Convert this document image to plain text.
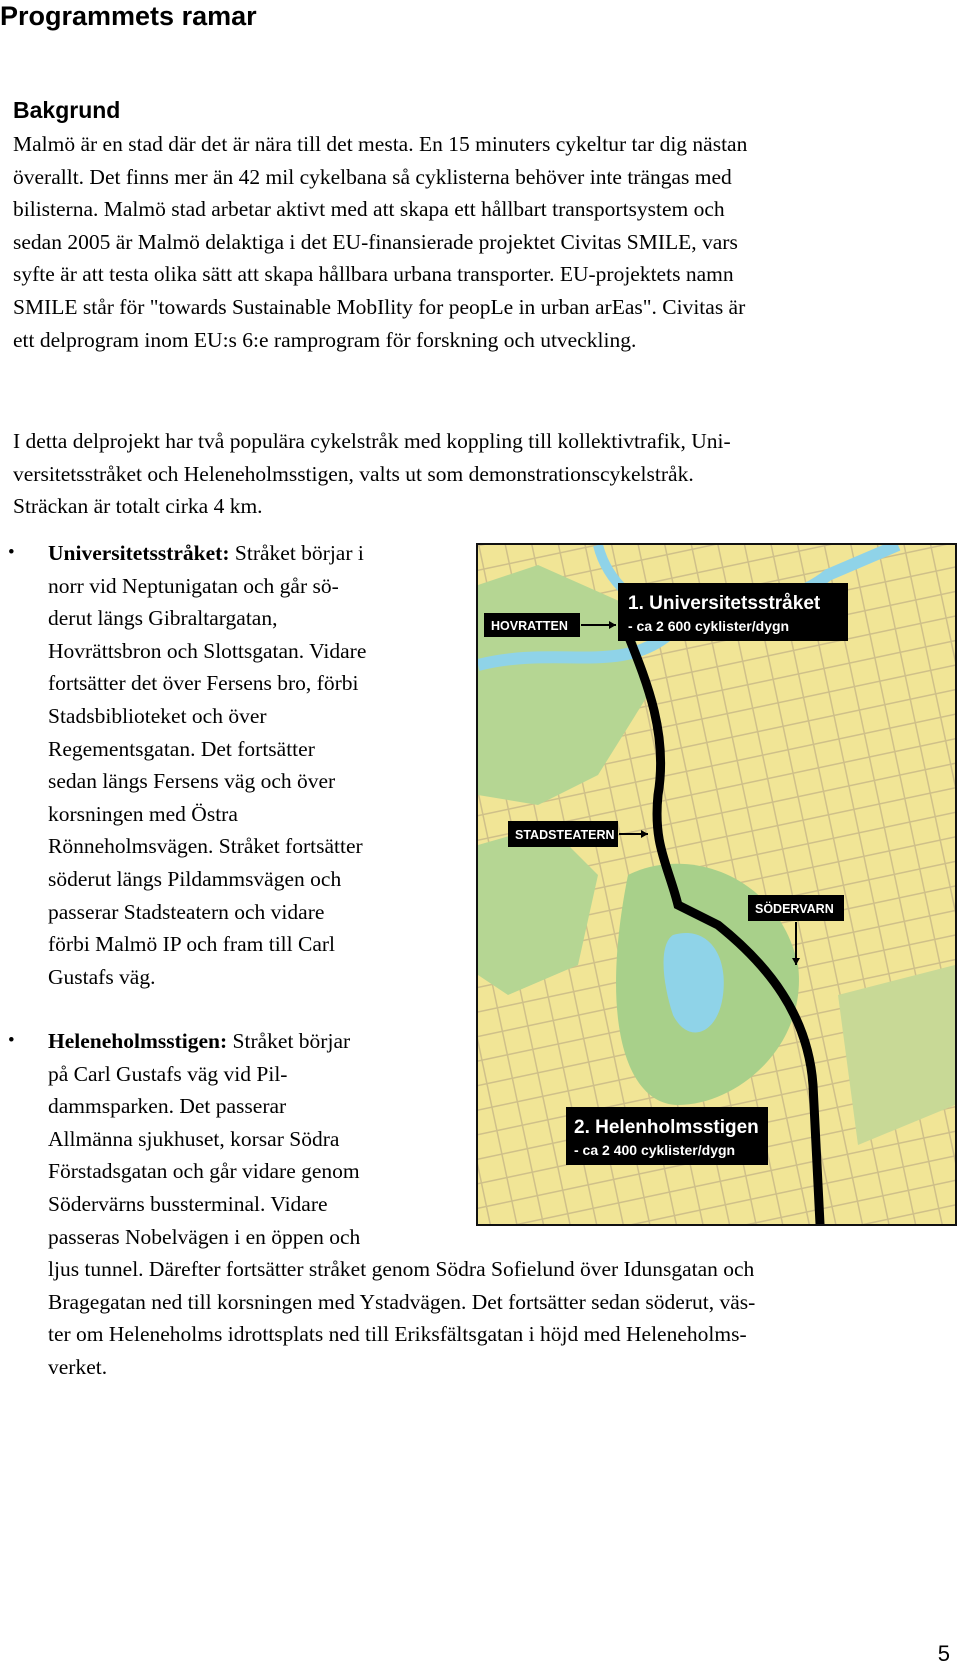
Programmets ramar
Bakgrund

Malmö är en stad där det är nära till det mesta. En 15 minuters cykeltur tar dig nästan
överallt. Det finns mer än 42 mil cykelbana så cyklisterna behöver inte trängas med
bilisterna. Malmö stad arbetar aktivt med att skapa ett hållbart transportsystem och
sedan 2005 är Malmö delaktiga i det EU-finansierade projektet Civitas SMILE, vars
syfte är att testa olika sätt att skapa hållbara urbana transporter. EU-projektets namn
SMILE står för "towards Sustainable MobIlity for peopLe in urban arEas". Civitas är
ett delprogram inom EU:s 6:e ramprogram för forskning och utveckling.

I detta delprojekt har två populära cykelstråk med koppling till kollektivtrafik, Uni-
versitetsstråket och Heleneholmsstigen, valts ut som demonstrationscykelstråk.
Sträckan är totalt cirka 4 km.

• Universitetsstråket: Stråket börjar i
norr vid Neptunigatan och går sö-
derut längs Gibraltargatan,
Hovrättsbron och Slottsgatan. Vidare
fortsätter det över Fersens bro, förbi
Stadsbiblioteket och över
Regementsgatan. Det fortsätter
sedan längs Fersens väg och över
korsningen med Östra
Rönneholmsvägen. Stråket fortsätter
söderut längs Pildammsvägen och
passerar Stadsteatern och vidare
förbi Malmö IP och fram till Carl
Gustafs väg.
• Heleneholmsstigen: Stråket börjar
på Carl Gustafs väg vid Pil-
dammsparken. Det passerar
Allmänna sjukhuset, korsar Södra
Förstadsgatan och går vidare genom
Södervärns bussterminal. Vidare
passeras Nobelvägen i en öppen och
ljus tunnel. Därefter fortsätter stråket genom Södra Sofielund över Idunsgatan och
Bragegatan ned till korsningen med Ystadvägen. Det fortsätter sedan söderut, väs-
ter om Heleneholms idrottsplats ned till Eriksfältsgatan i höjd med Heleneholms-
verket.
1. Universitetsstråket
- ca 2 600 cyklister/dygn
HOVRATTEN
STADSTEATERN
SÖDERVARN
2. Helenholmsstigen
- ca 2 400 cyklister/dygn
5
